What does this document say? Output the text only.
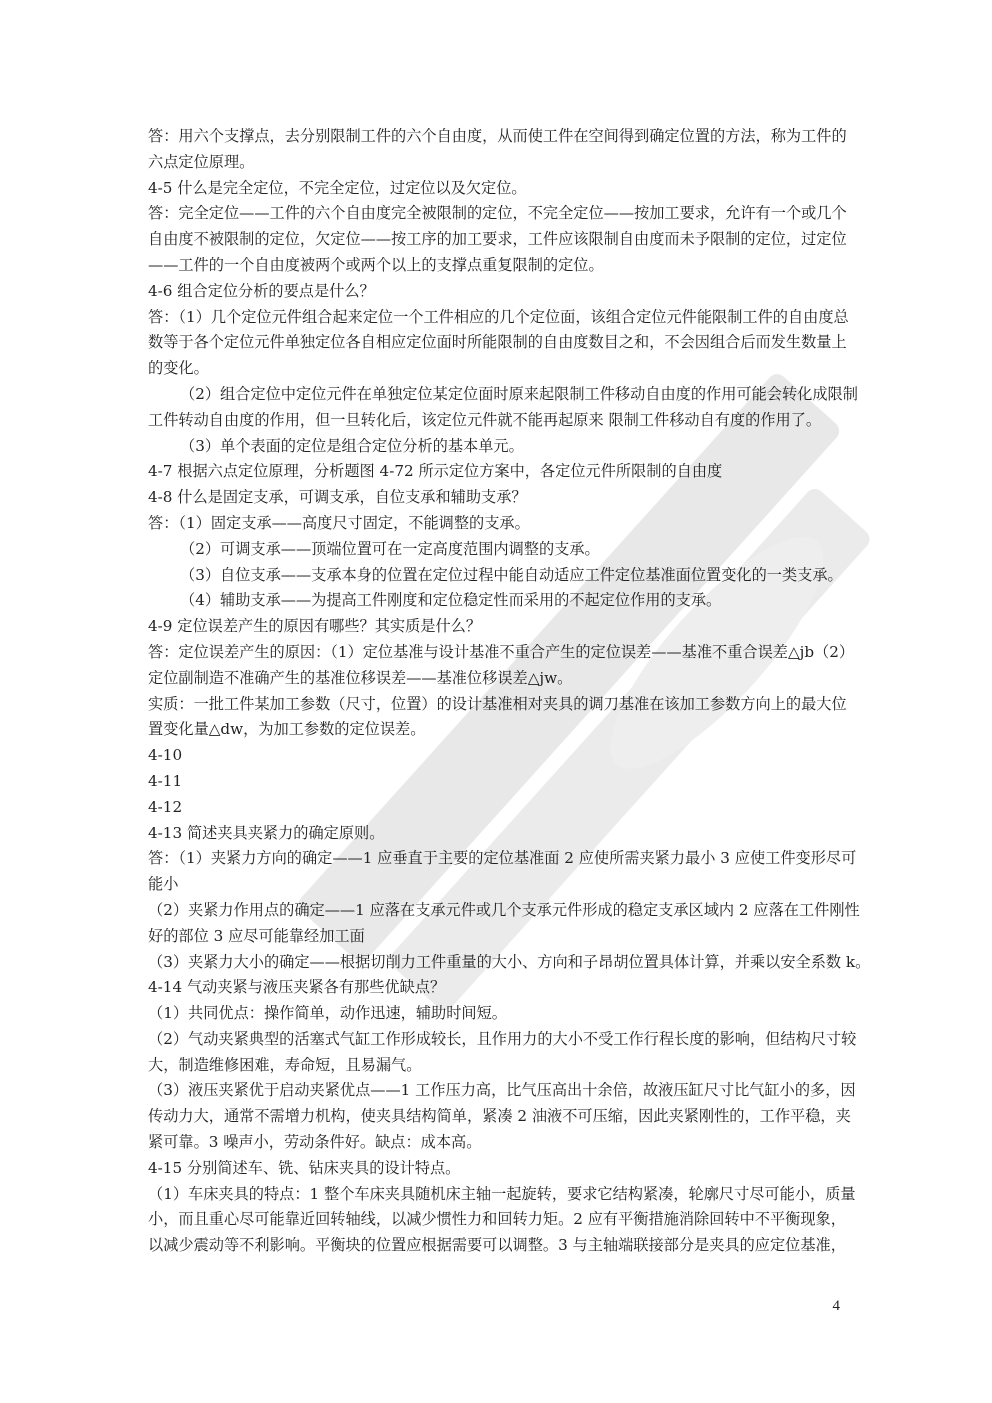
答：用六个支撑点，去分别限制工件的六个自由度，从而使工件在空间得到确定位置的方法，称为工件的
六点定位原理。
4-5 什么是完全定位，不完全定位，过定位以及欠定位。
答：完全定位——工件的六个自由度完全被限制的定位，不完全定位——按加工要求，允许有一个或几个
自由度不被限制的定位，欠定位——按工序的加工要求，工件应该限制自由度而未予限制的定位，过定位
——工件的一个自由度被两个或两个以上的支撑点重复限制的定位。
4-6 组合定位分析的要点是什么？
答：（1）几个定位元件组合起来定位一个工件相应的几个定位面，该组合定位元件能限制工件的自由度总
数等于各个定位元件单独定位各自相应定位面时所能限制的自由度数目之和，不会因组合后而发生数量上
的变化。
（2）组合定位中定位元件在单独定位某定位面时原来起限制工件移动自由度的作用可能会转化成限制
工件转动自由度的作用，但一旦转化后，该定位元件就不能再起原来 限制工件移动自有度的作用了。
（3）单个表面的定位是组合定位分析的基本单元。
4-7 根据六点定位原理，分析题图 4-72 所示定位方案中，各定位元件所限制的自由度
4-8 什么是固定支承，可调支承，自位支承和辅助支承？
答：（1）固定支承——高度尺寸固定，不能调整的支承。
（2）可调支承——顶端位置可在一定高度范围内调整的支承。
（3）自位支承——支承本身的位置在定位过程中能自动适应工件定位基准面位置变化的一类支承。
（4）辅助支承——为提高工件刚度和定位稳定性而采用的不起定位作用的支承。
4-9 定位误差产生的原因有哪些？其实质是什么？
答：定位误差产生的原因：（1）定位基准与设计基准不重合产生的定位误差——基准不重合误差△jb（2）
定位副制造不准确产生的基准位移误差——基准位移误差△jw。
实质：一批工件某加工参数（尺寸，位置）的设计基准相对夹具的调刀基准在该加工参数方向上的最大位
置变化量△dw，为加工参数的定位误差。
4-10
4-11
4-12
4-13 简述夹具夹紧力的确定原则。
答：（1）夹紧力方向的确定——1 应垂直于主要的定位基准面 2 应使所需夹紧力最小 3 应使工件变形尽可
能小
（2）夹紧力作用点的确定——1 应落在支承元件或几个支承元件形成的稳定支承区域内 2 应落在工件刚性
好的部位 3 应尽可能靠经加工面
（3）夹紧力大小的确定——根据切削力工件重量的大小、方向和子昂胡位置具体计算，并乘以安全系数 k。
4-14 气动夹紧与液压夹紧各有那些优缺点？
（1）共同优点：操作简单，动作迅速，辅助时间短。
（2）气动夹紧典型的活塞式气缸工作形成较长，且作用力的大小不受工作行程长度的影响，但结构尺寸较
大，制造维修困难，寿命短，且易漏气。
（3）液压夹紧优于启动夹紧优点——1 工作压力高，比气压高出十余倍，故液压缸尺寸比气缸小的多，因
传动力大，通常不需增力机构，使夹具结构简单，紧凑 2 油液不可压缩，因此夹紧刚性的，工作平稳，夹
紧可靠。3 噪声小，劳动条件好。缺点：成本高。
4-15 分别简述车、铣、钻床夹具的设计特点。
（1）车床夹具的特点：1 整个车床夹具随机床主轴一起旋转，要求它结构紧凑，轮廓尺寸尽可能小，质量
小，而且重心尽可能靠近回转轴线，以减少惯性力和回转力矩。2 应有平衡措施消除回转中不平衡现象，
以减少震动等不利影响。平衡块的位置应根据需要可以调整。3 与主轴端联接部分是夹具的应定位基准，
4
